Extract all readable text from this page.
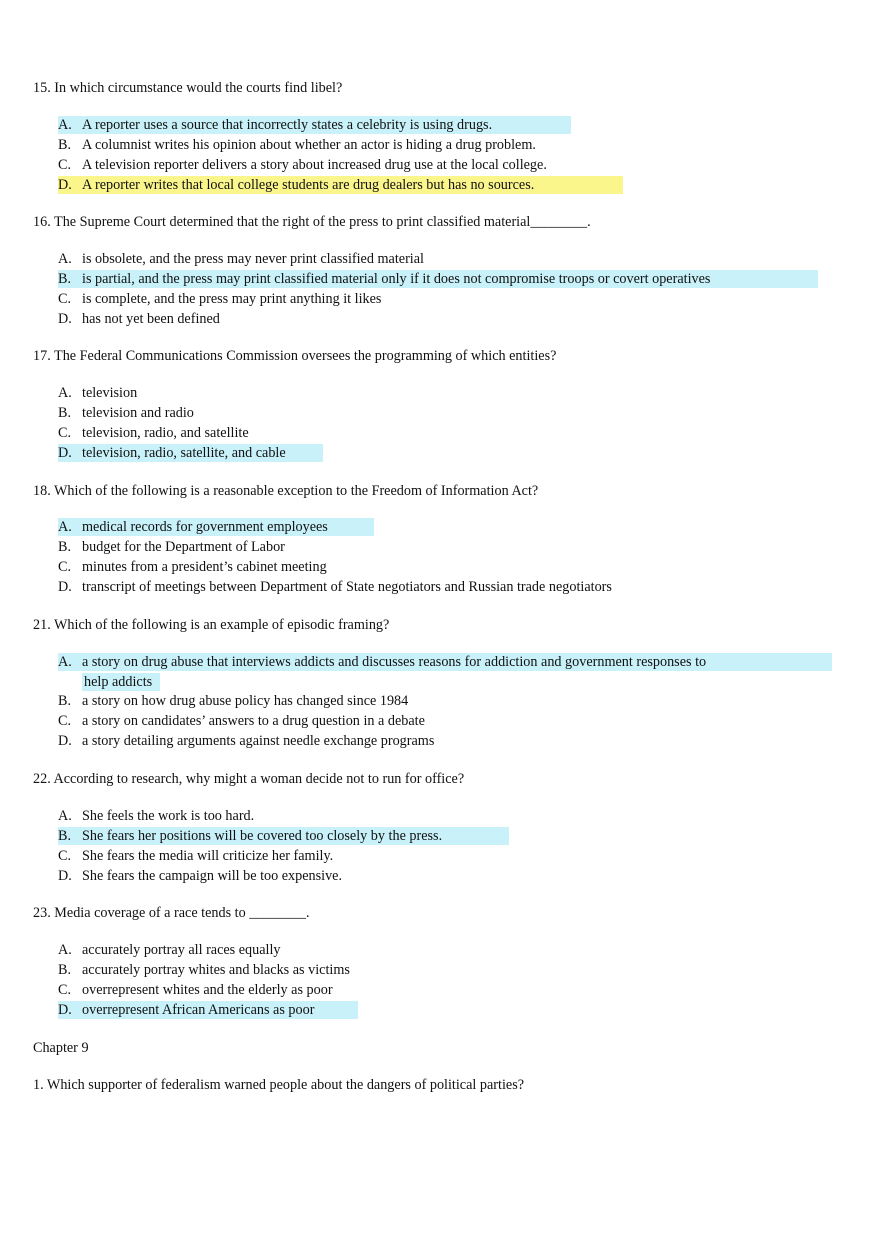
15. In which circumstance would the courts find libel?
A. A reporter uses a source that incorrectly states a celebrity is using drugs.
B. A columnist writes his opinion about whether an actor is hiding a drug problem.
C. A television reporter delivers a story about increased drug use at the local college.
D. A reporter writes that local college students are drug dealers but has no sources.
16. The Supreme Court determined that the right of the press to print classified material________.
A. is obsolete, and the press may never print classified material
B. is partial, and the press may print classified material only if it does not compromise troops or covert operatives
C. is complete, and the press may print anything it likes
D. has not yet been defined
17. The Federal Communications Commission oversees the programming of which entities?
A. television
B. television and radio
C. television, radio, and satellite
D. television, radio, satellite, and cable
18. Which of the following is a reasonable exception to the Freedom of Information Act?
A. medical records for government employees
B. budget for the Department of Labor
C. minutes from a president’s cabinet meeting
D. transcript of meetings between Department of State negotiators and Russian trade negotiators
21. Which of the following is an example of episodic framing?
A. a story on drug abuse that interviews addicts and discusses reasons for addiction and government responses to
help addicts
B. a story on how drug abuse policy has changed since 1984
C. a story on candidates’ answers to a drug question in a debate
D. a story detailing arguments against needle exchange programs
22. According to research, why might a woman decide not to run for office?
A. She feels the work is too hard.
B. She fears her positions will be covered too closely by the press.
C. She fears the media will criticize her family.
D. She fears the campaign will be too expensive.
23. Media coverage of a race tends to ________.
A. accurately portray all races equally
B. accurately portray whites and blacks as victims
C. overrepresent whites and the elderly as poor
D. overrepresent African Americans as poor
Chapter 9
1. Which supporter of federalism warned people about the dangers of political parties?
